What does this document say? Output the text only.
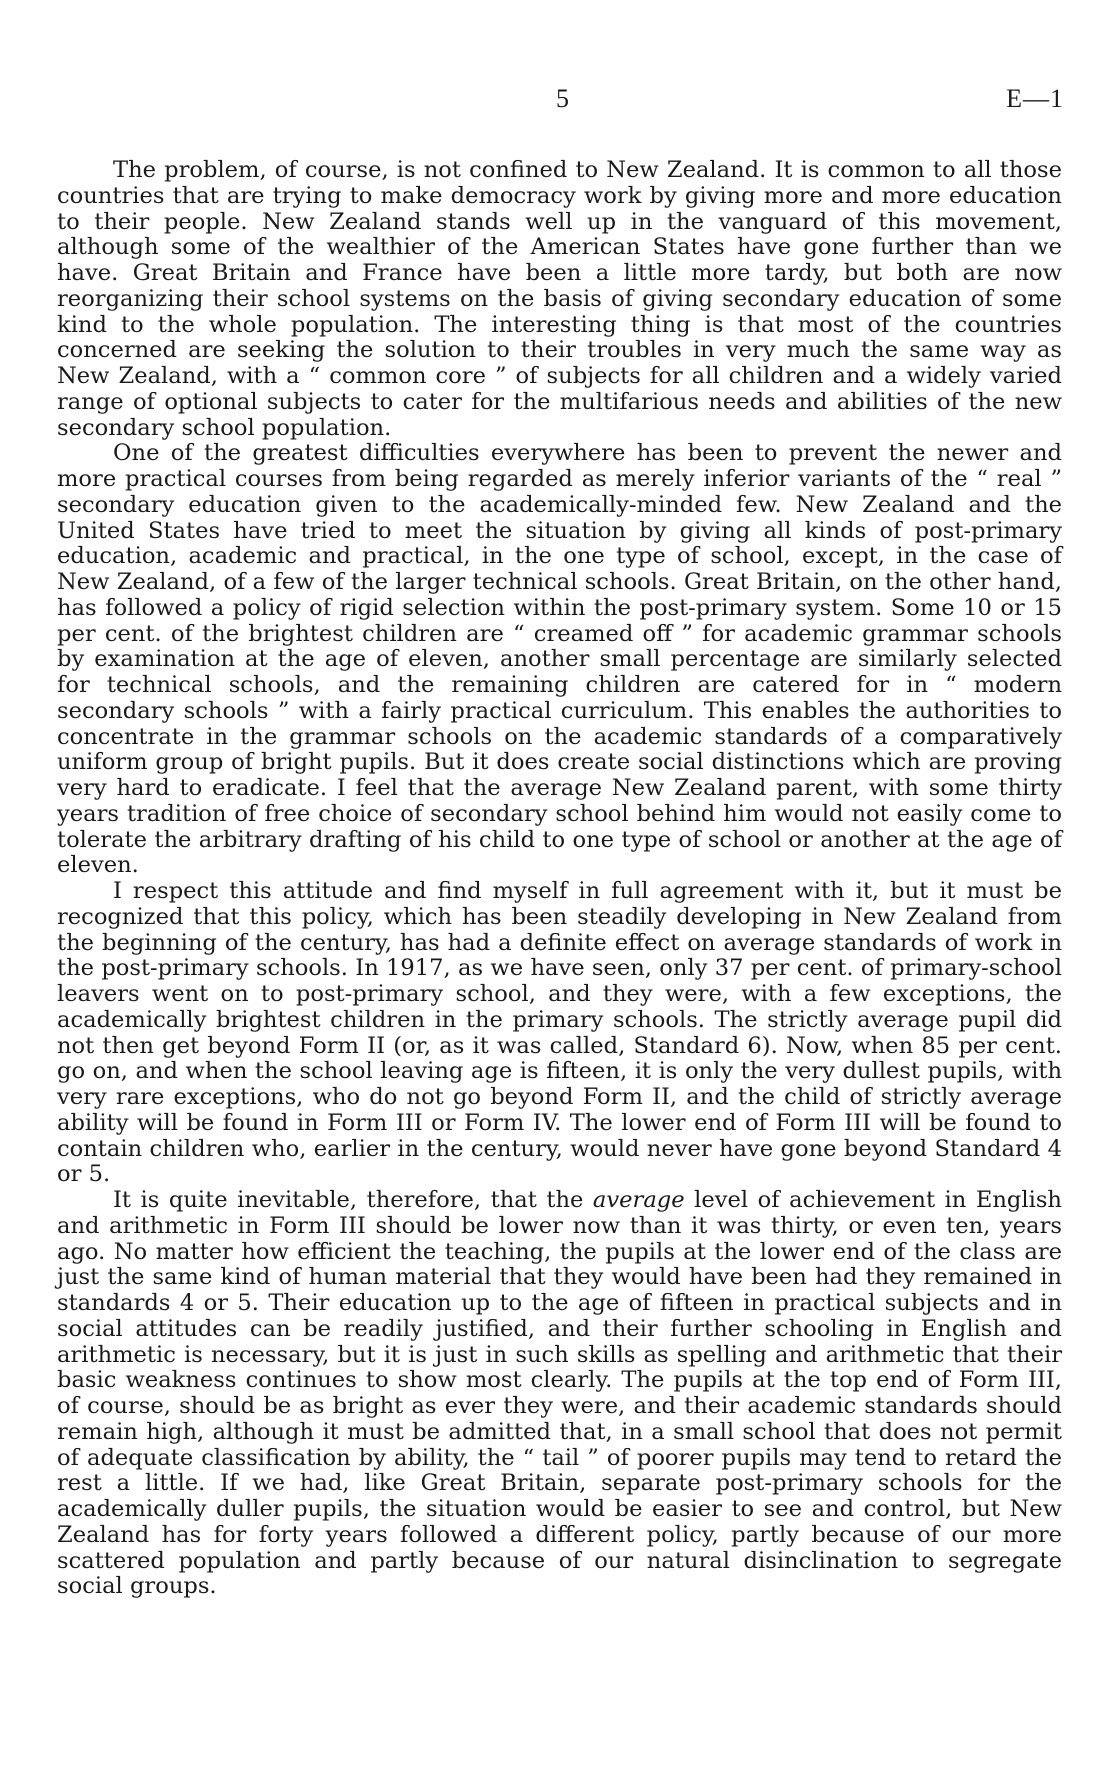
5	E—1

The problem, of course, is not confined to New Zealand. It is common to all those countries that are trying to make democracy work by giving more and more education to their people. New Zealand stands well up in the vanguard of this movement, although some of the wealthier of the American States have gone further than we have. Great Britain and France have been a little more tardy, but both are now reorganizing their school systems on the basis of giving secondary education of some kind to the whole population. The interesting thing is that most of the countries concerned are seeking the solution to their troubles in very much the same way as New Zealand, with a “ common core ” of subjects for all children and a widely varied range of optional subjects to cater for the multifarious needs and abilities of the new secondary school population.

One of the greatest difficulties everywhere has been to prevent the newer and more practical courses from being regarded as merely inferior variants of the “ real ” secondary education given to the academically-minded few. New Zealand and the United States have tried to meet the situation by giving all kinds of post-primary education, academic and practical, in the one type of school, except, in the case of New Zealand, of a few of the larger technical schools. Great Britain, on the other hand, has followed a policy of rigid selection within the post-primary system. Some 10 or 15 per cent. of the brightest children are “ creamed off ” for academic grammar schools by examination at the age of eleven, another small percentage are similarly selected for technical schools, and the remaining children are catered for in “ modern secondary schools ” with a fairly practical curriculum. This enables the authorities to concentrate in the grammar schools on the academic standards of a comparatively uniform group of bright pupils. But it does create social distinctions which are proving very hard to eradicate. I feel that the average New Zealand parent, with some thirty years tradition of free choice of secondary school behind him would not easily come to tolerate the arbitrary drafting of his child to one type of school or another at the age of eleven.

I respect this attitude and find myself in full agreement with it, but it must be recognized that this policy, which has been steadily developing in New Zealand from the beginning of the century, has had a definite effect on average standards of work in the post-primary schools. In 1917, as we have seen, only 37 per cent. of primary-school leavers went on to post-primary school, and they were, with a few exceptions, the academically brightest children in the primary schools. The strictly average pupil did not then get beyond Form II (or, as it was called, Standard 6). Now, when 85 per cent. go on, and when the school leaving age is fifteen, it is only the very dullest pupils, with very rare exceptions, who do not go beyond Form II, and the child of strictly average ability will be found in Form III or Form IV. The lower end of Form III will be found to contain children who, earlier in the century, would never have gone beyond Standard 4 or 5.

It is quite inevitable, therefore, that the average level of achievement in English and arithmetic in Form III should be lower now than it was thirty, or even ten, years ago. No matter how efficient the teaching, the pupils at the lower end of the class are just the same kind of human material that they would have been had they remained in standards 4 or 5. Their education up to the age of fifteen in practical subjects and in social attitudes can be readily justified, and their further schooling in English and arithmetic is necessary, but it is just in such skills as spelling and arithmetic that their basic weakness continues to show most clearly. The pupils at the top end of Form III, of course, should be as bright as ever they were, and their academic standards should remain high, although it must be admitted that, in a small school that does not permit of adequate classification by ability, the “ tail ” of poorer pupils may tend to retard the rest a little. If we had, like Great Britain, separate post-primary schools for the academically duller pupils, the situation would be easier to see and control, but New Zealand has for forty years followed a different policy, partly because of our more scattered population and partly because of our natural disinclination to segregate social groups.
